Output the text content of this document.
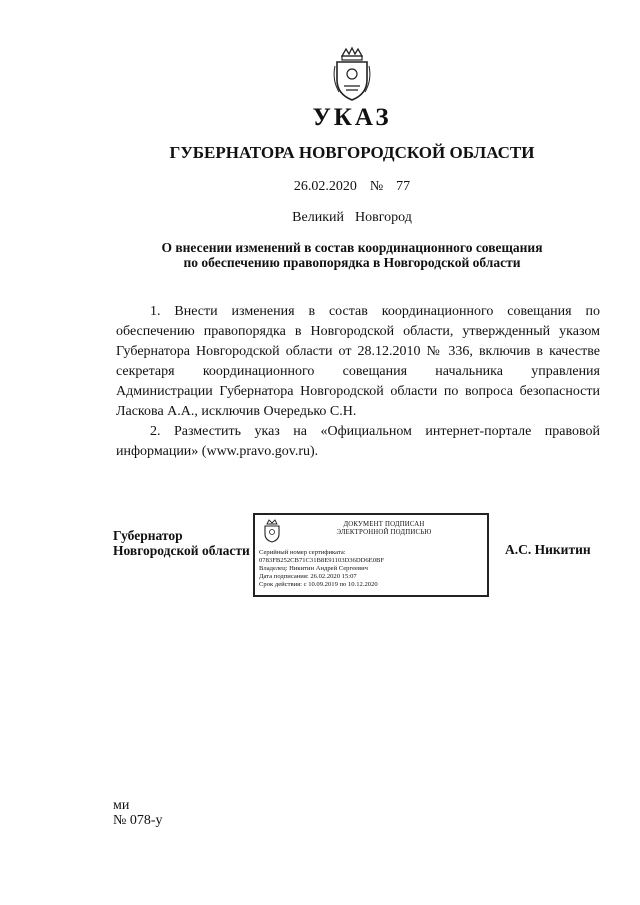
УКАЗ
ГУБЕРНАТОРА НОВГОРОДСКОЙ ОБЛАСТИ
26.02.2020  №  77
Великий  Новгород
О внесении изменений в состав координационного совещания
по обеспечению правопорядка в Новгородской области

1. Внести изменения в состав координационного совещания по обеспечению правопорядка в Новгородской области, утвержденный указом Губернатора Новгородской области от 28.12.2010 № 336, включив в качестве секретаря координационного совещания начальника управления Администрации Губернатора Новгородской области по вопроса безопасности Ласкова А.А., исключив Очередько С.Н.

2. Разместить указ на «Официальном интернет-портале правовой информации» (www.pravo.gov.ru).

Губернатор
Новгородской области
ДОКУМЕНТ ПОДПИСАН
ЭЛЕКТРОННОЙ ПОДПИСЬЮ
Серийный номер сертификата:
0783FB252CB71C31B8E91103D36DD6E0BF
Владелец: Никитин Андрей Сергеевич
Дата подписания: 26.02.2020 15:07
Срок действия: с 10.09.2019 по 10.12.2020
А.С. Никитин
ми
№ 078-у
